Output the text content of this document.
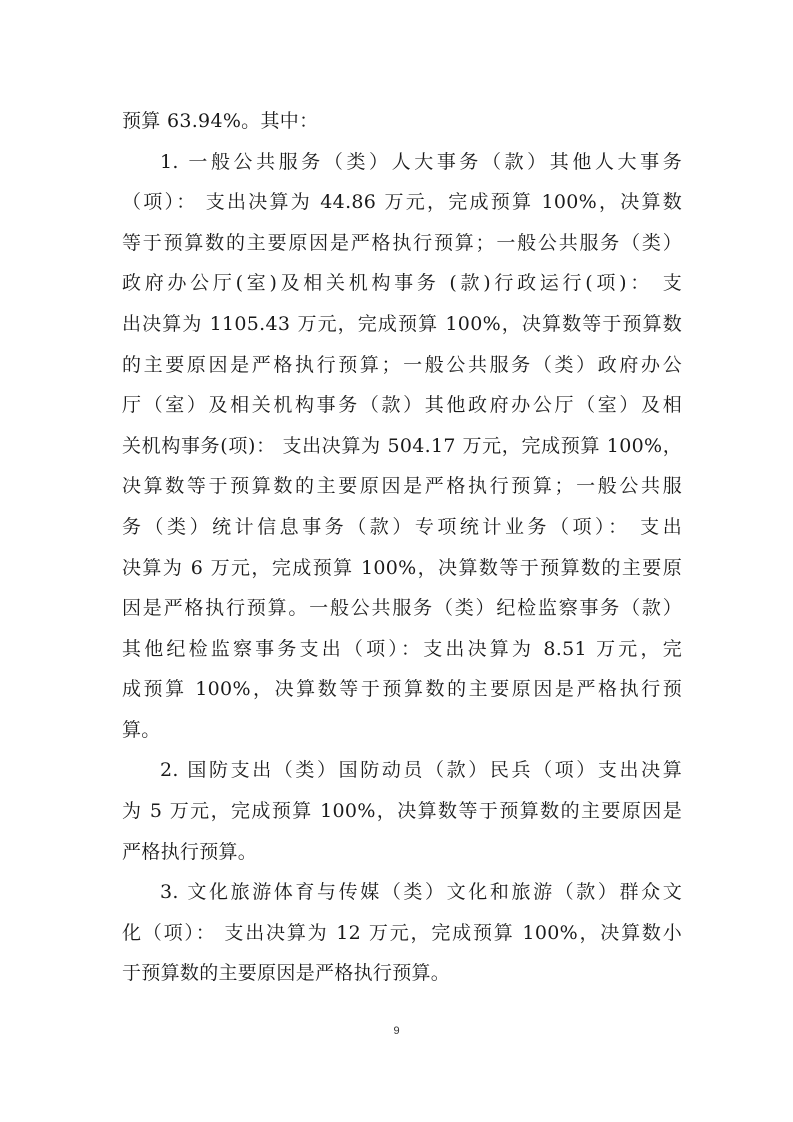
预算 63.94%。其中：
1. 一般公共服务（类）人大事务（款）其他人大事务
（项）： 支出决算为 44.86 万元，完成预算 100%，决算数
等于预算数的主要原因是严格执行预算；一般公共服务（类）
政府办公厅(室)及相关机构事务 (款)行政运行(项)： 支
出决算为 1105.43 万元，完成预算 100%，决算数等于预算数
的主要原因是严格执行预算；一般公共服务（类）政府办公
厅（室）及相关机构事务（款）其他政府办公厅（室）及相
关机构事务(项)： 支出决算为 504.17 万元，完成预算 100%，
决算数等于预算数的主要原因是严格执行预算；一般公共服
务（类）统计信息事务（款）专项统计业务（项）： 支出
决算为 6 万元，完成预算 100%，决算数等于预算数的主要原
因是严格执行预算。一般公共服务（类）纪检监察事务（款）
其他纪检监察事务支出（项）：支出决算为 8.51 万元，完
成预算 100%，决算数等于预算数的主要原因是严格执行预
算。
2. 国防支出（类）国防动员（款）民兵（项）支出决算
为 5 万元，完成预算 100%，决算数等于预算数的主要原因是
严格执行预算。
3. 文化旅游体育与传媒（类）文化和旅游（款）群众文
化（项）： 支出决算为 12 万元，完成预算 100%，决算数小
于预算数的主要原因是严格执行预算。
9
